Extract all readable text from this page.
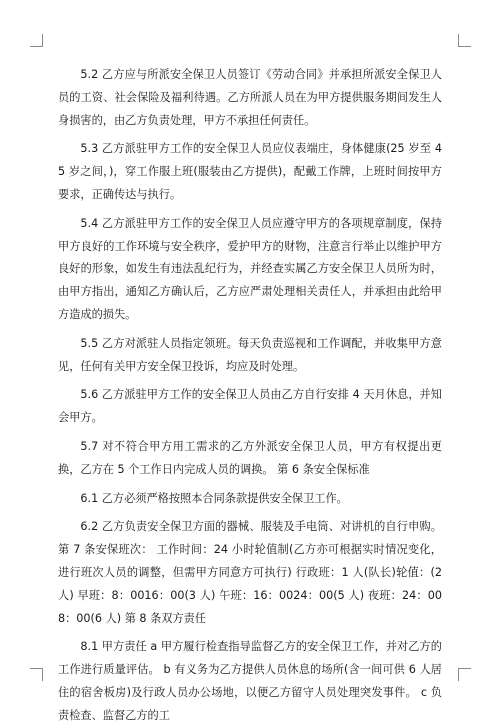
5.2 乙方应与所派安全保卫人员签订《劳动合同》并承担所派安全保卫人员的工资、社会保险及福利待遇。乙方所派人员在为甲方提供服务期间发生人身损害的，由乙方负责处理，甲方不承担任何责任。

5.3 乙方派驻甲方工作的安全保卫人员应仪表端庄，身体健康(25 岁至 45 岁之间，)，穿工作服上班(服装由乙方提供)，配戴工作牌，上班时间按甲方要求，正确传达与执行。

5.4 乙方派驻甲方工作的安全保卫人员应遵守甲方的各项规章制度，保持甲方良好的工作环境与安全秩序，爱护甲方的财物，注意言行举止以维护甲方良好的形象，如发生有违法乱纪行为，并经查实属乙方安全保卫人员所为时，由甲方指出，通知乙方确认后，乙方应严肃处理相关责任人，并承担由此给甲方造成的损失。

5.5 乙方对派驻人员指定领班。每天负责巡视和工作调配，并收集甲方意见，任何有关甲方安全保卫投诉，均应及时处理。

5.6 乙方派驻甲方工作的安全保卫人员由乙方自行安排 4 天月休息，并知会甲方。

5.7 对不符合甲方用工需求的乙方外派安全保卫人员，甲方有权提出更换，乙方在 5 个工作日内完成人员的调换。 第 6 条安全保标准

6.1 乙方必须严格按照本合同条款提供安全保卫工作。

6.2 乙方负责安全保卫方面的器械、服装及手电筒、对讲机的自行申购。 第 7 条安保班次： 工作时间：24 小时轮值制(乙方亦可根据实时情况变化，进行班次人员的调整，但需甲方同意方可执行) 行政班：1 人(队长)轮值：(2 人) 早班：8：0016：00(3 人) 午班：16：0024：00(5 人) 夜班：24：008：00(6 人) 第 8 条双方责任

8.1 甲方责任 a 甲方履行检查指导监督乙方的安全保卫工作，并对乙方的工作进行质量评估。 b 有义务为乙方提供人员休息的场所(含一间可供 6 人居住的宿舍板房)及行政人员办公场地，以便乙方留守人员处理突发事件。 c 负责检查、监督乙方的工
